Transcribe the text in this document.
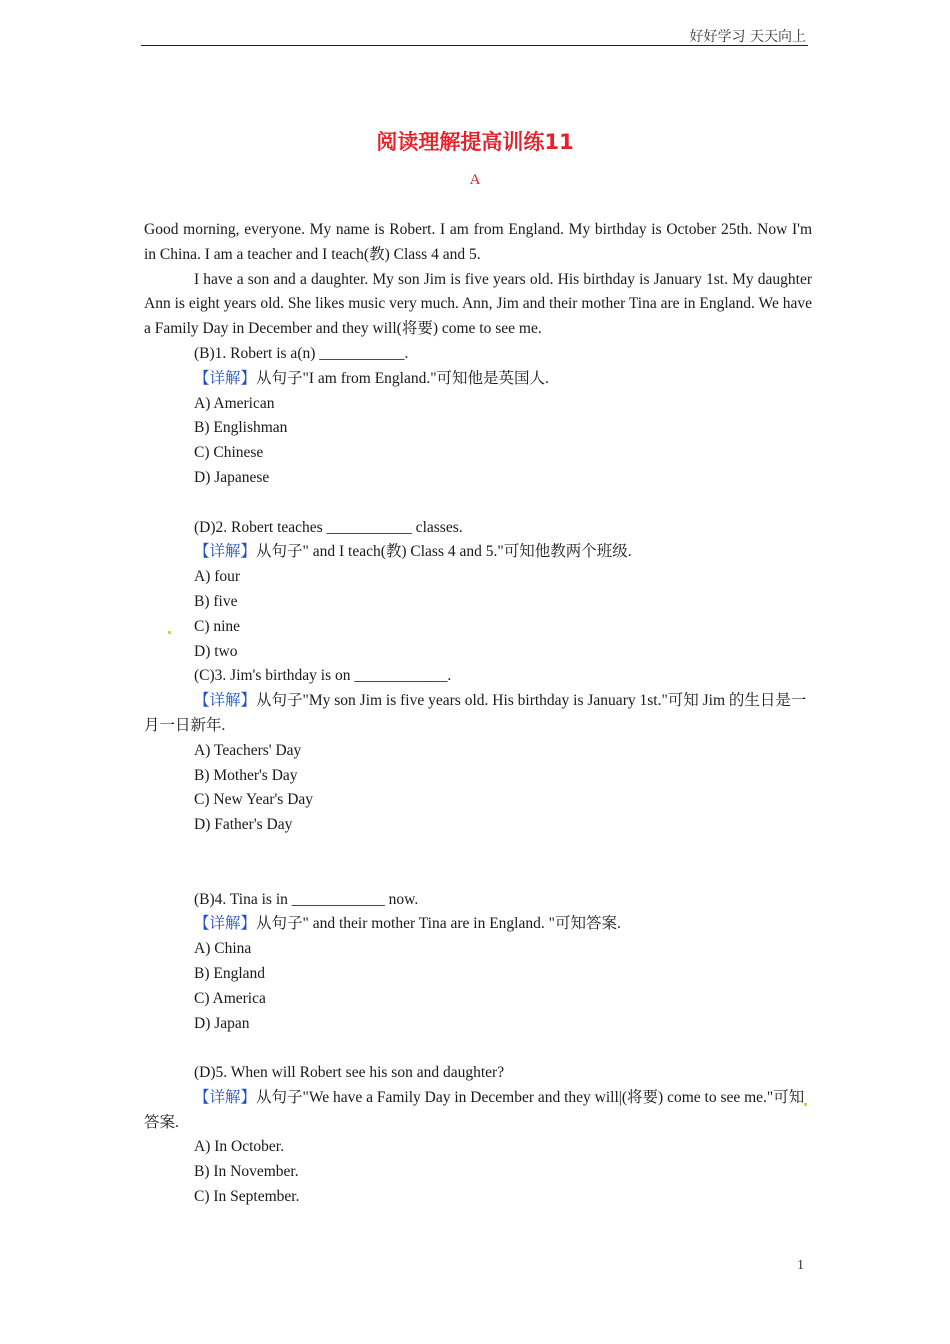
好好学习 天天向上
阅读理解提高训练11
A

Good morning, everyone. My name is Robert. I am from England. My birthday is October 25th. Now I'm in China. I am a teacher and I teach(教) Class 4 and 5.

I have a son and a daughter. My son Jim is five years old. His birthday is January 1st. My daughter Ann is eight years old. She likes music very much. Ann, Jim and their mother Tina are in England. We have a Family Day in December and they will(将要) come to see me.

(B)1. Robert is a(n) ___________.

【详解】从句子"I am from England."可知他是英国人.

A) American

B) Englishman

C) Chinese

D) Japanese

(D)2. Robert teaches ___________ classes.

【详解】从句子" and I teach(教) Class 4 and 5."可知他教两个班级.

A) four

B) five

C) nine

D) two

(C)3. Jim's birthday is on ____________.

【详解】从句子"My son Jim is five years old. His birthday is January 1st."可知 Jim 的生日是一月一日新年.

A) Teachers' Day

B) Mother's Day

C) New Year's Day

D) Father's Day

(B)4. Tina is in ____________ now.

【详解】从句子" and their mother Tina are in England. "可知答案.

A) China

B) England

C) America

D) Japan

(D)5. When will Robert see his son and daughter?

【详解】从句子"We have a Family Day in December and they will|(将要) come to see me."可知答案.

A) In October.

B) In November.

C) In September.

1
